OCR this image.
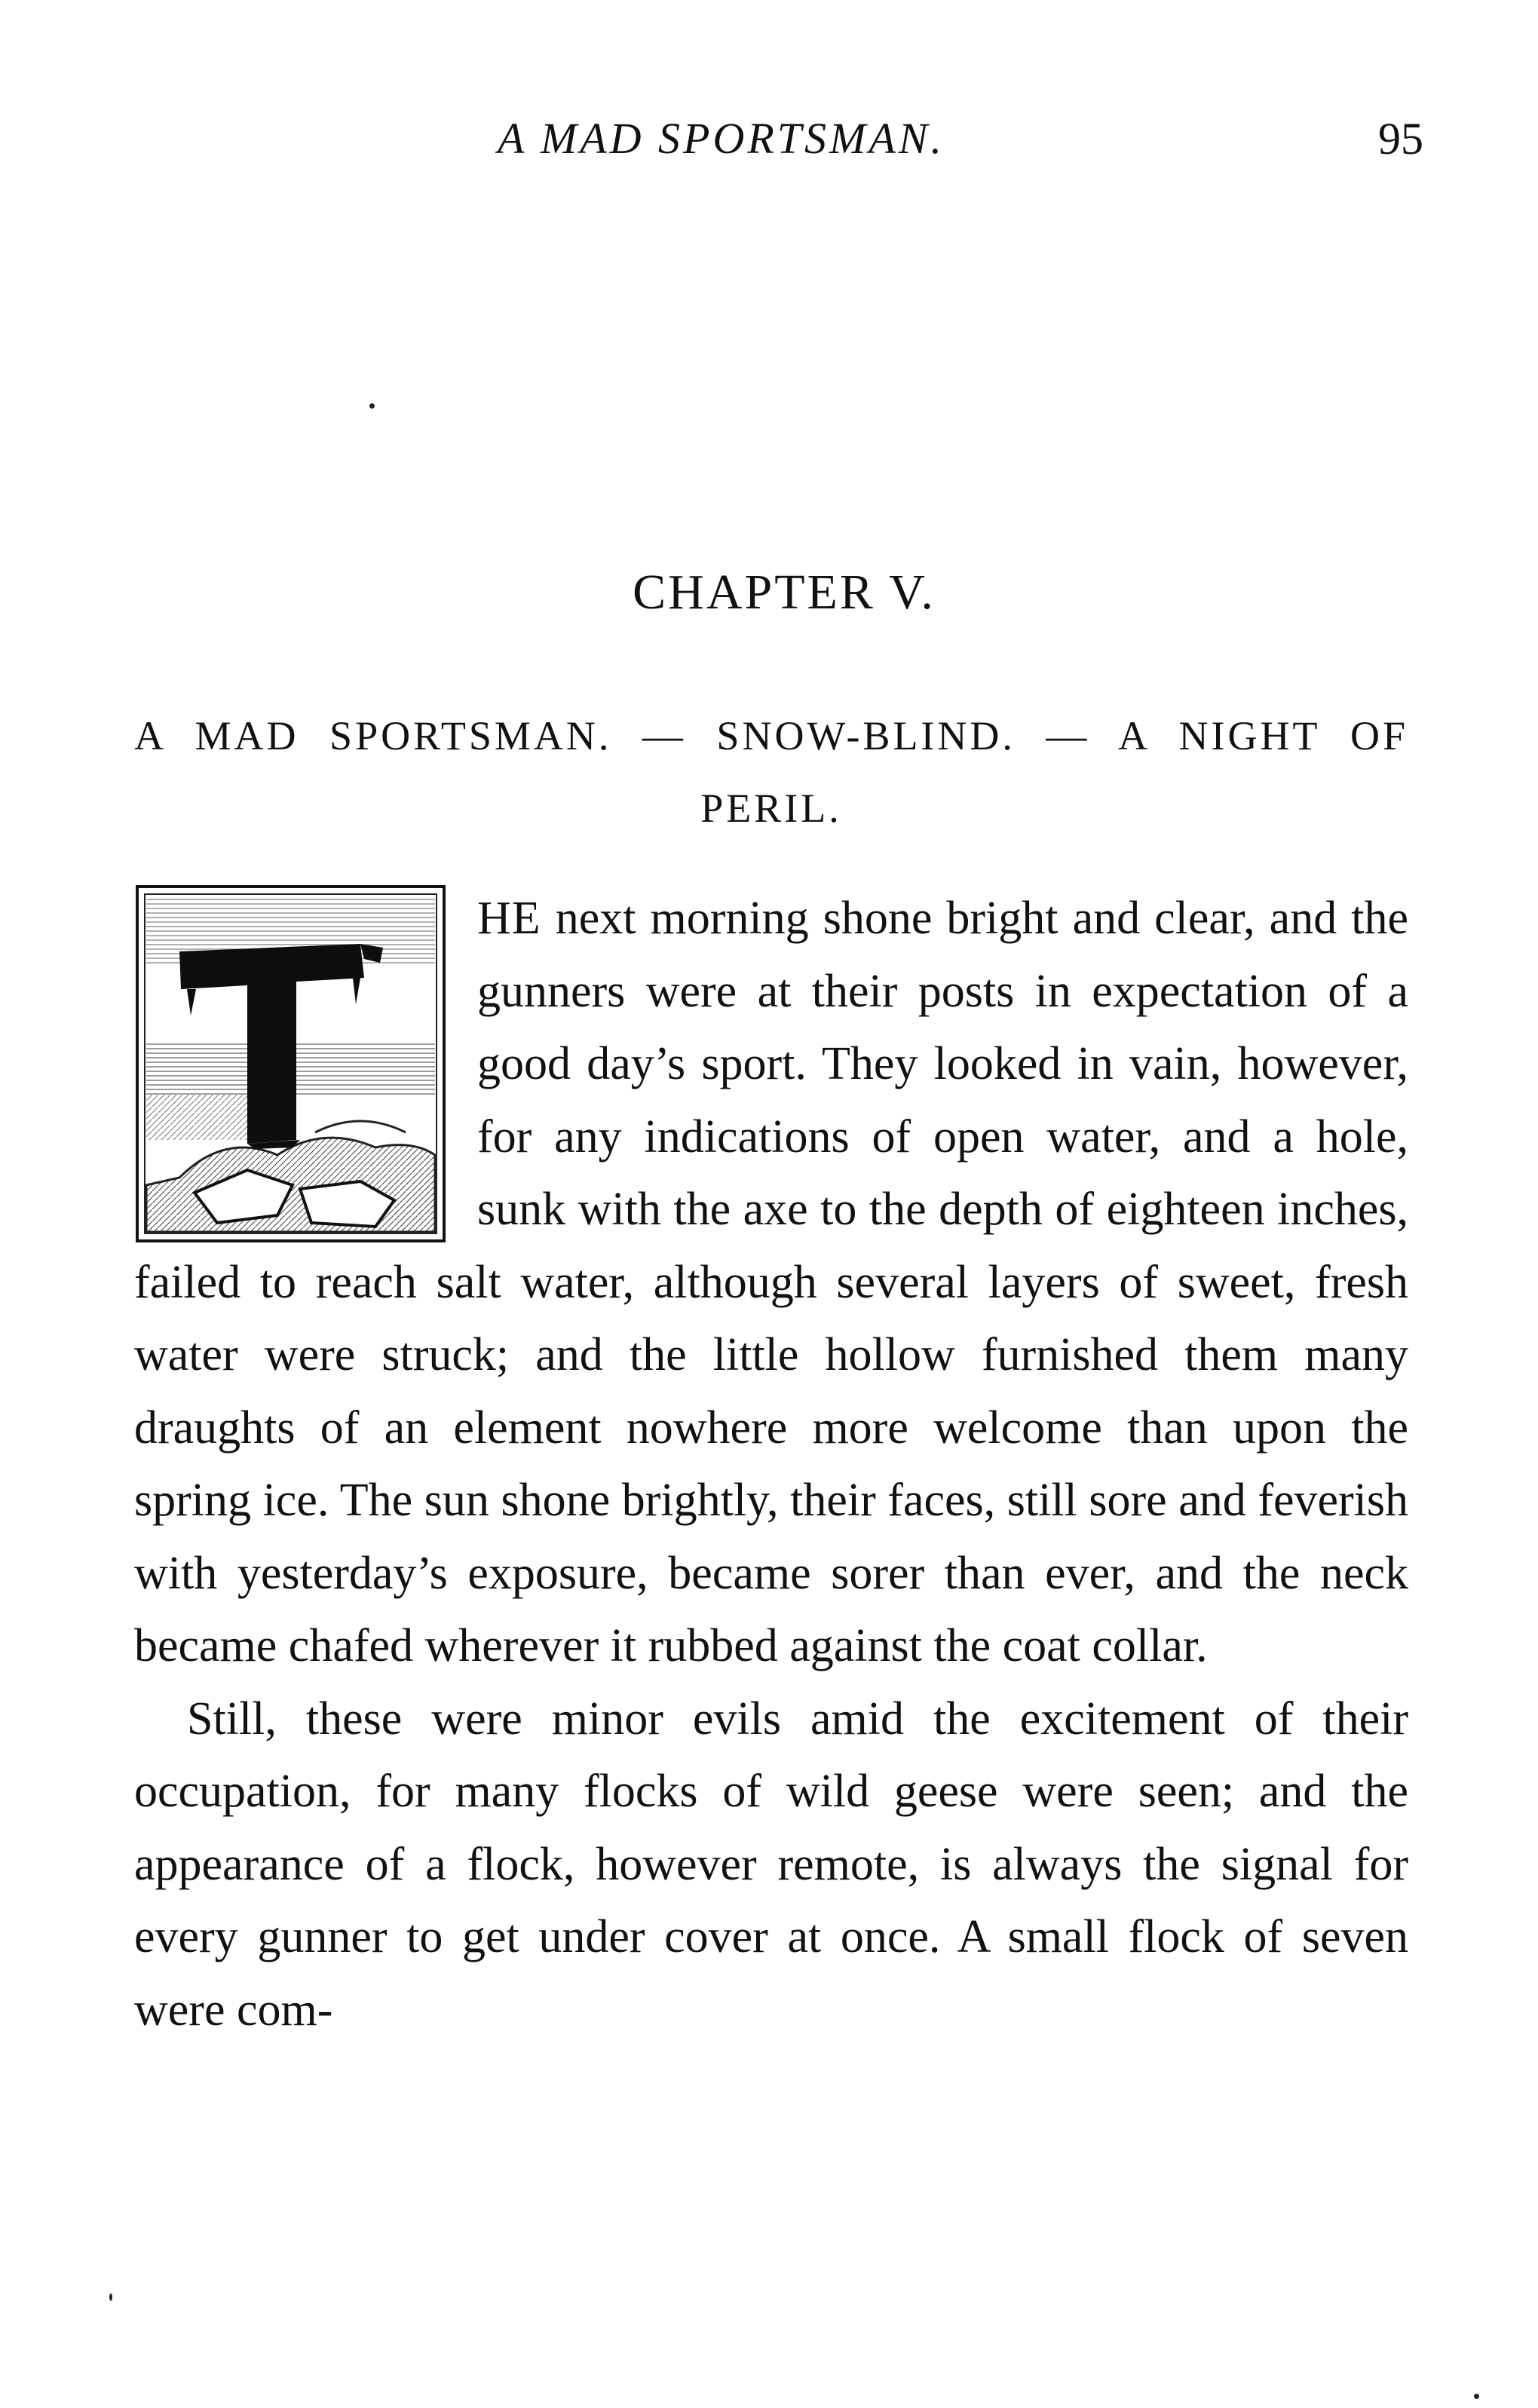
A MAD SPORTSMAN.	95
CHAPTER V.
A MAD SPORTSMAN. — SNOW-BLIND. — A NIGHT OF PERIL.

HE next morning shone bright and clear, and the gunners were at their posts in expectation of a good day’s sport. They looked in vain, however, for any indications of open water, and a hole, sunk with the axe to the depth of eighteen inches, failed to reach salt water, although several layers of sweet, fresh water were struck; and the little hollow furnished them many draughts of an element nowhere more welcome than upon the spring ice. The sun shone brightly, their faces, still sore and feverish with yesterday’s exposure, became sorer than ever, and the neck became chafed wherever it rubbed against the coat collar.

Still, these were minor evils amid the excitement of their occupation, for many flocks of wild geese were seen; and the appearance of a flock, however remote, is always the signal for every gunner to get under cover at once. A small flock of seven were com-
